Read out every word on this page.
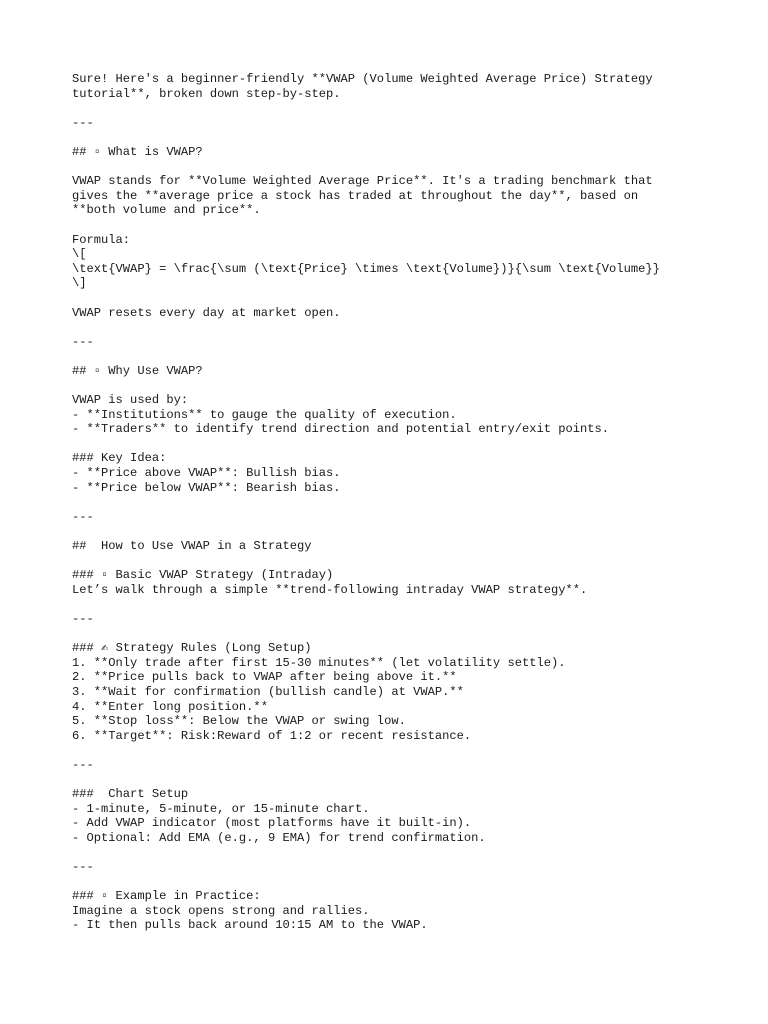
Sure! Here's a beginner-friendly **VWAP (Volume Weighted Average Price) Strategy
tutorial**, broken down step-by-step.
---
## ▫ What is VWAP?
VWAP stands for **Volume Weighted Average Price**. It's a trading benchmark that
gives the **average price a stock has traded at throughout the day**, based on
**both volume and price**.
Formula:
\[
\text{VWAP} = \frac{\sum (\text{Price} \times \text{Volume})}{\sum \text{Volume}}
\]
VWAP resets every day at market open.
---
## ▫ Why Use VWAP?
VWAP is used by:
- **Institutions** to gauge the quality of execution.
- **Traders** to identify trend direction and potential entry/exit points.
### Key Idea:
- **Price above VWAP**: Bullish bias.
- **Price below VWAP**: Bearish bias.
---
##  How to Use VWAP in a Strategy
### ▫ Basic VWAP Strategy (Intraday)
Let’s walk through a simple **trend-following intraday VWAP strategy**.
---
### ✍ Strategy Rules (Long Setup)
1. **Only trade after first 15-30 minutes** (let volatility settle).
2. **Price pulls back to VWAP after being above it.**
3. **Wait for confirmation (bullish candle) at VWAP.**
4. **Enter long position.**
5. **Stop loss**: Below the VWAP or swing low.
6. **Target**: Risk:Reward of 1:2 or recent resistance.
---
###  Chart Setup
- 1-minute, 5-minute, or 15-minute chart.
- Add VWAP indicator (most platforms have it built-in).
- Optional: Add EMA (e.g., 9 EMA) for trend confirmation.
---
### ▫ Example in Practice:
Imagine a stock opens strong and rallies.
- It then pulls back around 10:15 AM to the VWAP.
